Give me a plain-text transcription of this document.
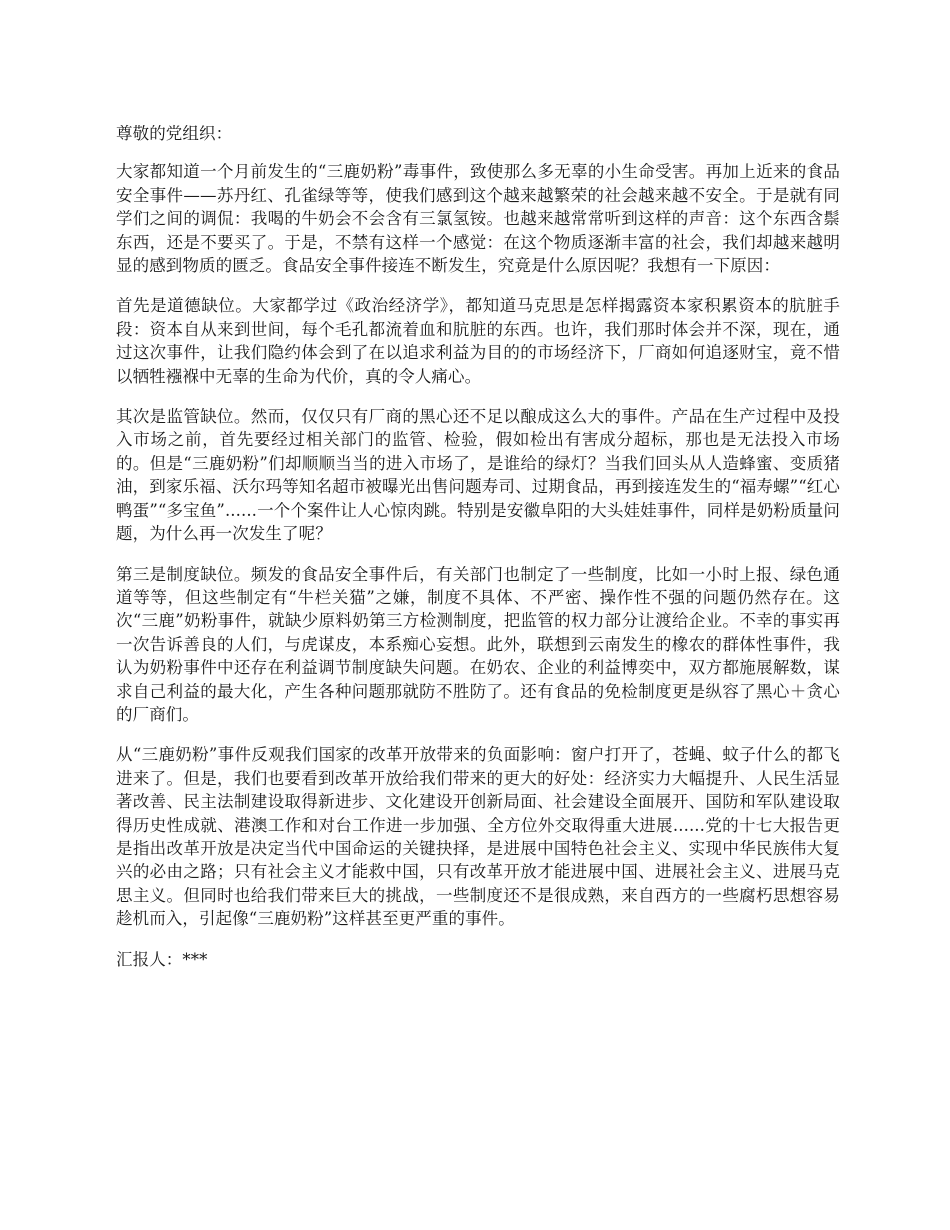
尊敬的党组织：

大家都知道一个月前发生的“三鹿奶粉”毒事件，致使那么多无辜的小生命受害。再加上近来的食品安全事件——苏丹红、孔雀绿等等，使我们感到这个越来越繁荣的社会越来越不安全。于是就有同学们之间的调侃：我喝的牛奶会不会含有三氯氢铵。也越来越常常听到这样的声音：这个东西含鬃东西，还是不要买了。于是，不禁有这样一个感觉：在这个物质逐渐丰富的社会，我们却越来越明显的感到物质的匮乏。食品安全事件接连不断发生，究竟是什么原因呢？我想有一下原因：

首先是道德缺位。大家都学过《政治经济学》，都知道马克思是怎样揭露资本家积累资本的肮脏手段：资本自从来到世间，每个毛孔都流着血和肮脏的东西。也许，我们那时体会并不深，现在，通过这次事件，让我们隐约体会到了在以追求利益为目的的市场经济下，厂商如何追逐财宝，竟不惜以牺牲襁褓中无辜的生命为代价，真的令人痛心。

其次是监管缺位。然而，仅仅只有厂商的黑心还不足以酿成这么大的事件。产品在生产过程中及投入市场之前，首先要经过相关部门的监管、检验，假如检出有害成分超标，那也是无法投入市场的。但是“三鹿奶粉”们却顺顺当当的进入市场了，是谁给的绿灯？当我们回头从人造蜂蜜、变质猪油，到家乐福、沃尔玛等知名超市被曝光出售问题寿司、过期食品，再到接连发生的“福寿螺”“红心鸭蛋”“多宝鱼”......一个个案件让人心惊肉跳。特别是安徽阜阳的大头娃娃事件，同样是奶粉质量问题，为什么再一次发生了呢？

第三是制度缺位。频发的食品安全事件后，有关部门也制定了一些制度，比如一小时上报、绿色通道等等，但这些制定有“牛栏关猫”之嫌，制度不具体、不严密、操作性不强的问题仍然存在。这次“三鹿”奶粉事件，就缺少原料奶第三方检测制度，把监管的权力部分让渡给企业。不幸的事实再一次告诉善良的人们，与虎谋皮，本系痴心妄想。此外，联想到云南发生的橡农的群体性事件，我认为奶粉事件中还存在利益调节制度缺失问题。在奶农、企业的利益博奕中，双方都施展解数，谋求自己利益的最大化，产生各种问题那就防不胜防了。还有食品的免检制度更是纵容了黑心＋贪心的厂商们。

从“三鹿奶粉”事件反观我们国家的改革开放带来的负面影响：窗户打开了，苍蝇、蚊子什么的都飞进来了。但是，我们也要看到改革开放给我们带来的更大的好处：经济实力大幅提升、人民生活显著改善、民主法制建设取得新进步、文化建设开创新局面、社会建设全面展开、国防和军队建设取得历史性成就、港澳工作和对台工作进一步加强、全方位外交取得重大进展......党的十七大报告更是指出改革开放是决定当代中国命运的关键抉择，是进展中国特色社会主义、实现中华民族伟大复兴的必由之路；只有社会主义才能救中国，只有改革开放才能进展中国、进展社会主义、进展马克思主义。但同时也给我们带来巨大的挑战，一些制度还不是很成熟，来自西方的一些腐朽思想容易趁机而入，引起像“三鹿奶粉”这样甚至更严重的事件。

汇报人：***
